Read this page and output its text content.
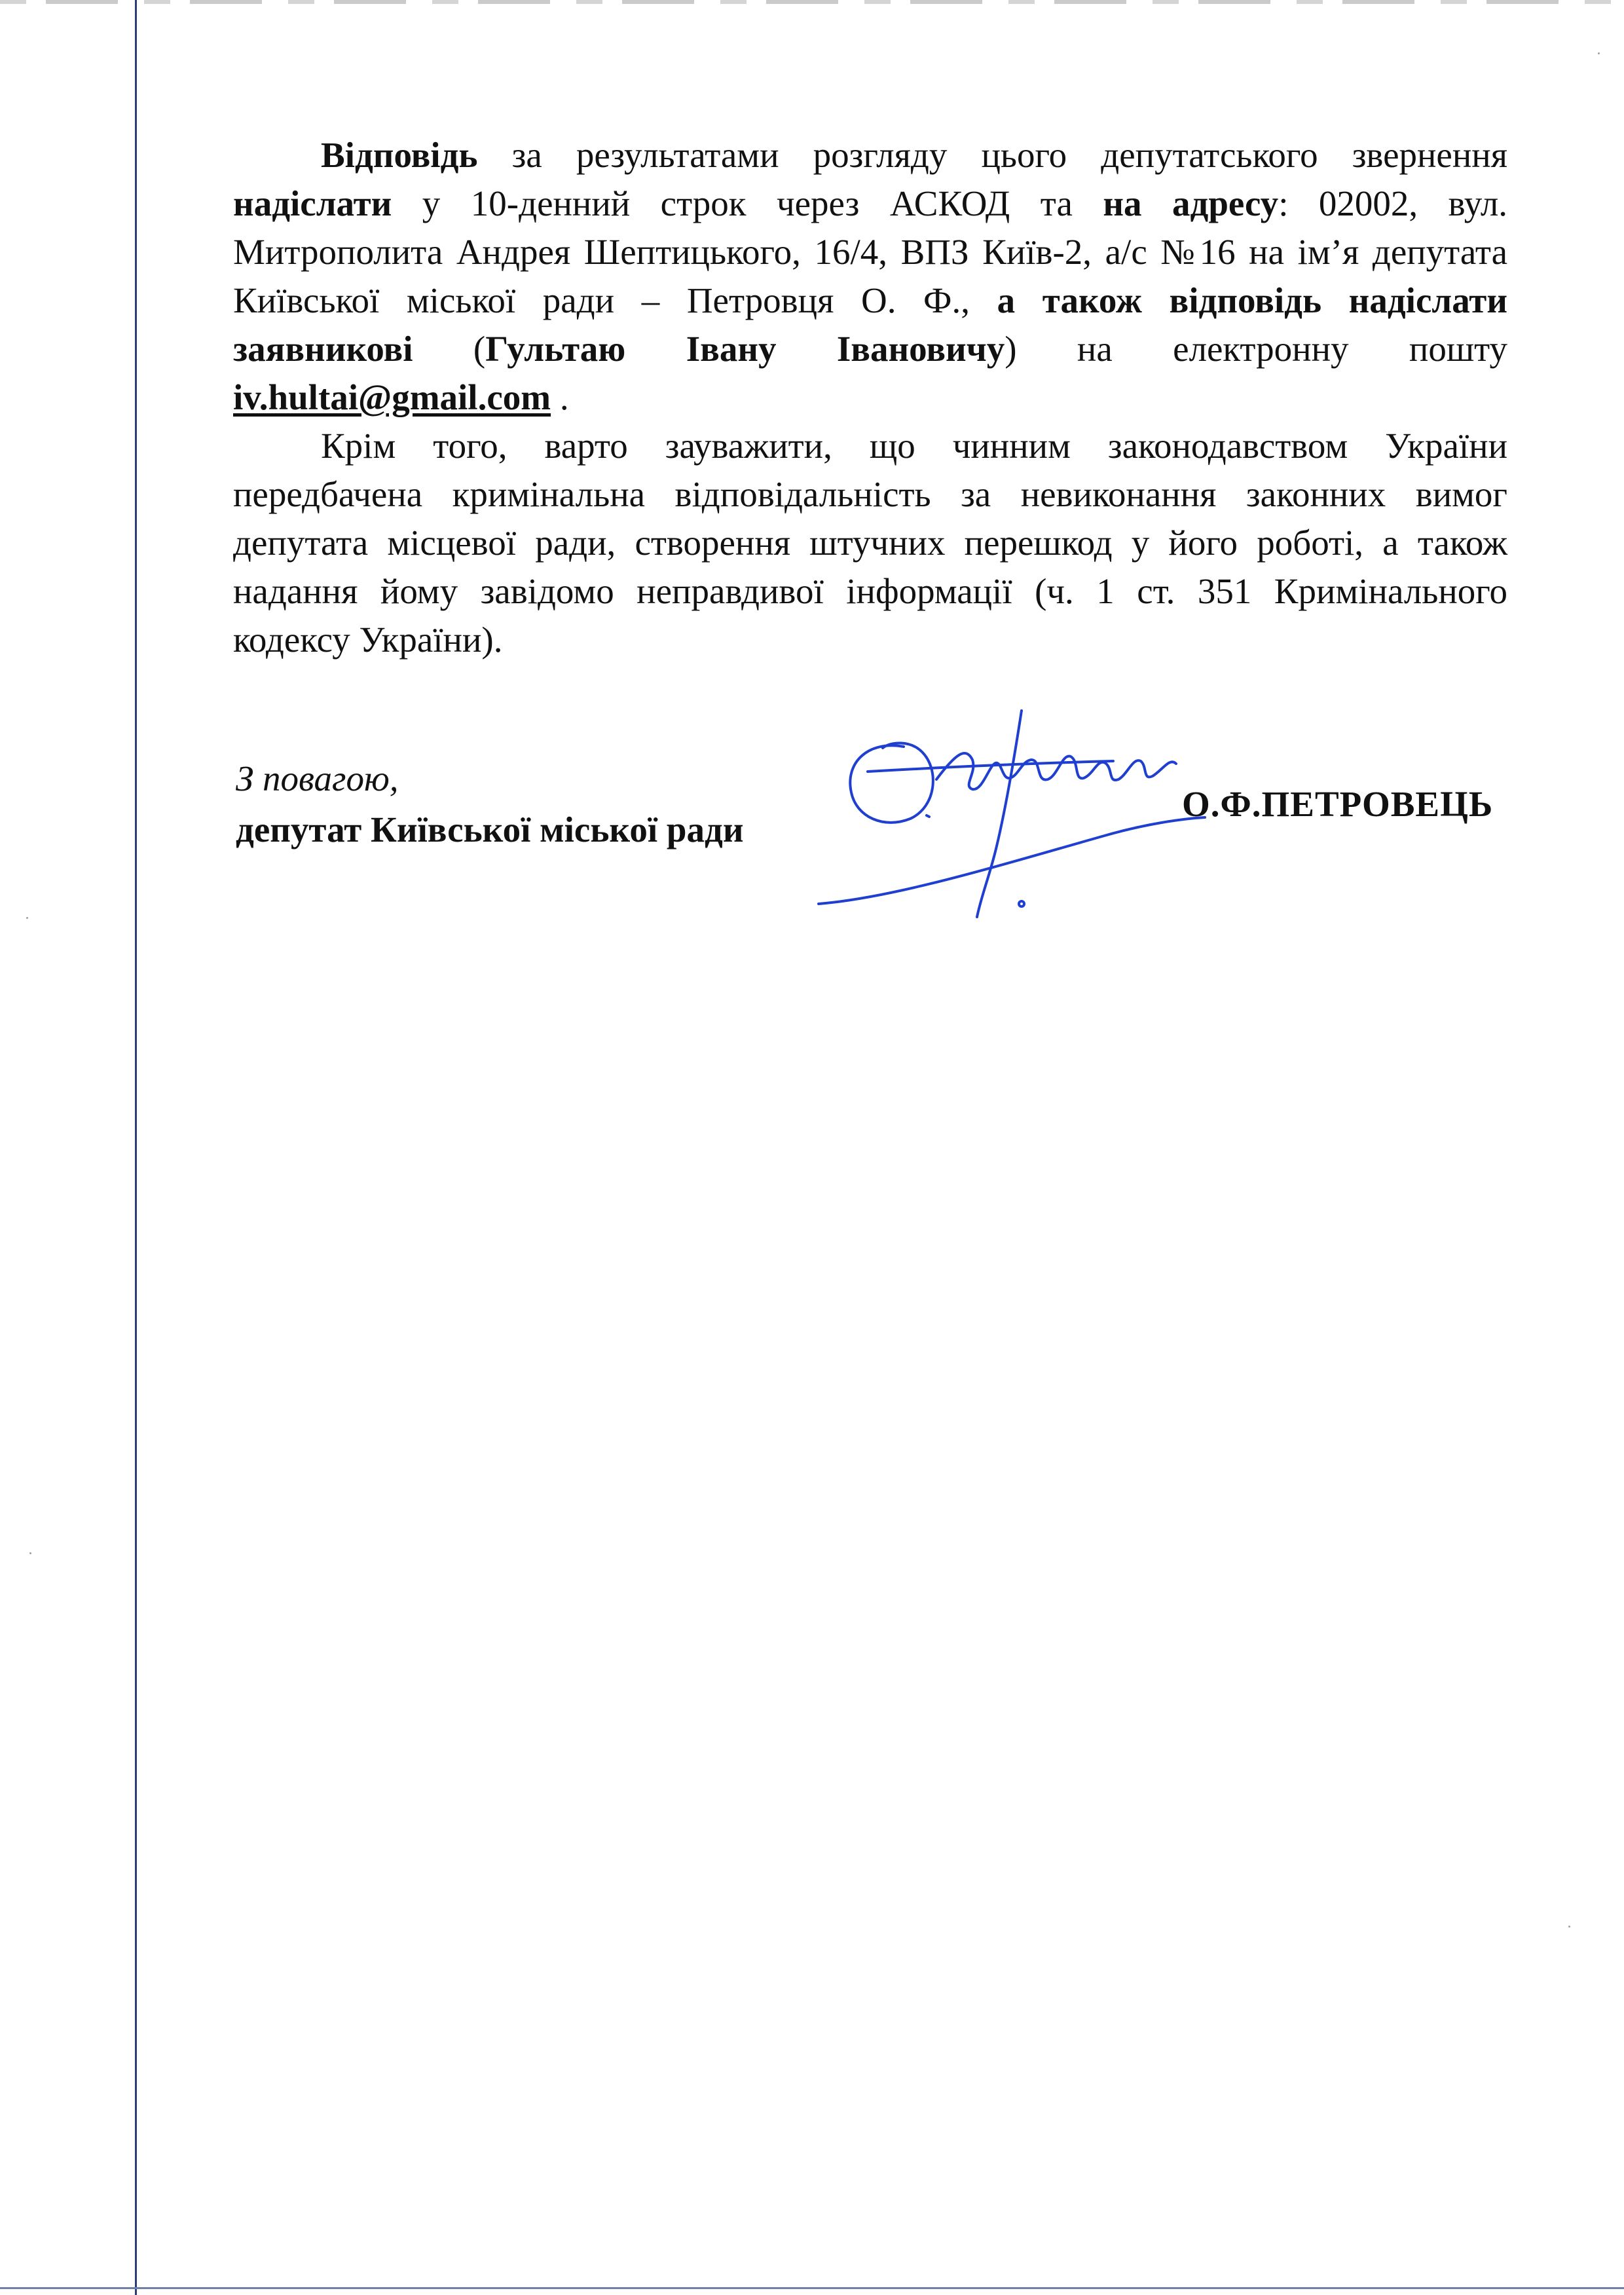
Відповідь за результатами розгляду цього депутатського звернення надіслати у 10-денний строк через АСКОД та на адресу: 02002, вул. Митрополита Андрея Шептицького, 16/4, ВПЗ Київ-2, а/с №16 на ім’я депутата Київської міської ради – Петровця О. Ф., а також відповідь надіслати заявникові (Гультаю Івану Івановичу) на електронну пошту iv.hultai@gmail.com .

Крім того, варто зауважити, що чинним законодавством України передбачена кримінальна відповідальність за невиконання законних вимог депутата місцевої ради, створення штучних перешкод у його роботі, а також надання йому завідомо неправдивої інформації (ч. 1 ст. 351 Кримінального кодексу України).

З повагою,
депутат Київської міської ради
О.Ф.ПЕТРОВЕЦЬ
